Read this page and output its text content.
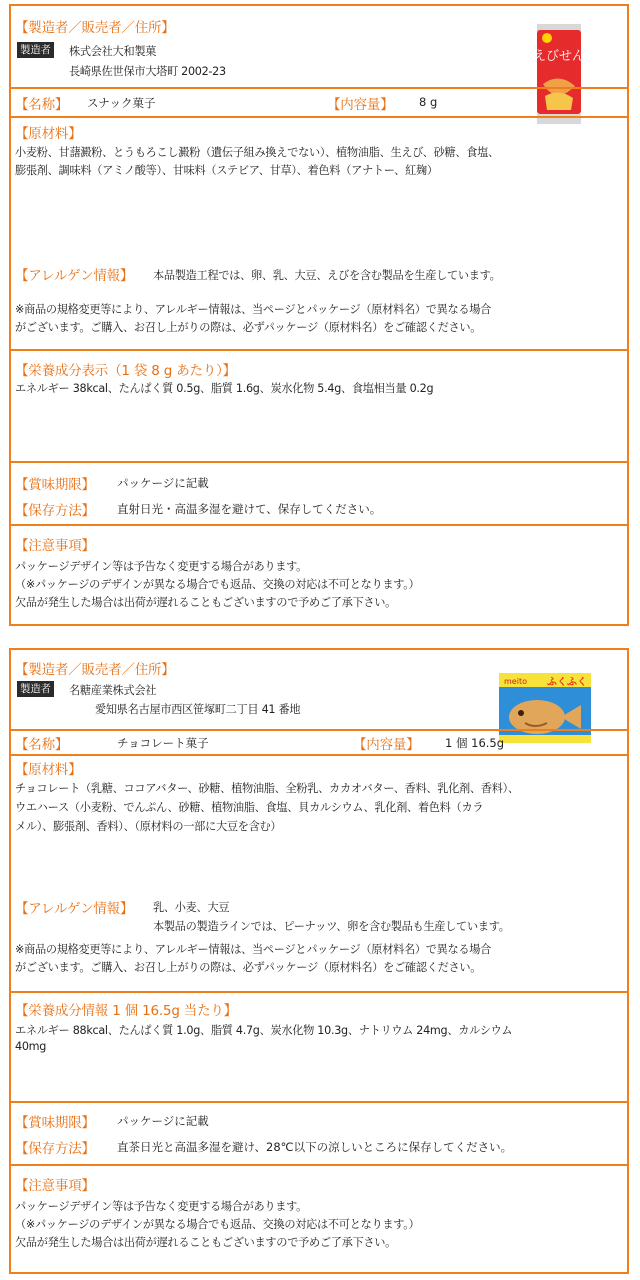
【製造者／販売者／住所】
製造者 株式会社大和製菓
長崎県佐世保市大塔町 2002-23
えびせん
【名称】 スナック菓子	【内容量】 8 g
【原材料】
小麦粉、甘藷澱粉、とうもろこし澱粉（遺伝子組み換えでない）、植物油脂、生えび、砂糖、食塩、
膨張剤、調味料（アミノ酸等）、甘味料（ステビア、甘草）、着色料（アナトー、紅麹）
【アレルゲン情報】 本品製造工程では、卵、乳、大豆、えびを含む製品を生産しています。
※商品の規格変更等により、アレルギー情報は、当ページとパッケージ（原材料名）で異なる場合
がございます。ご購入、お召し上がりの際は、必ずパッケージ（原材料名）をご確認ください。
【栄養成分表示（1 袋 8 g あたり）】
エネルギー 38kcal、たんぱく質 0.5g、脂質 1.6g、炭水化物 5.4g、食塩相当量 0.2g
【賞味期限】 パッケージに記載
【保存方法】 直射日光・高温多湿を避けて、保存してください。
【注意事項】
パッケージデザイン等は予告なく変更する場合があります。
（※パッケージのデザインが異なる場合でも返品、交換の対応は不可となります。）
欠品が発生した場合は出荷が遅れることもございますので予めご了承下さい。
【製造者／販売者／住所】
製造者 名糖産業株式会社
愛知県名古屋市西区笹塚町二丁目 41 番地
meito ふくふく
【名称】	チョコレート菓子	【内容量】 1 個 16.5g
【原材料】
チョコレート（乳糖、ココアバター、砂糖、植物油脂、全粉乳、カカオバター、香料、乳化剤、香料）、
ウエハース（小麦粉、でんぷん、砂糖、植物油脂、食塩、貝カルシウム、乳化剤、着色料（カラ
メル）、膨張剤、香料）、（原材料の一部に大豆を含む）
【アレルゲン情報】 乳、小麦、大豆
本製品の製造ラインでは、ピーナッツ、卵を含む製品も生産しています。
※商品の規格変更等により、アレルギー情報は、当ページとパッケージ（原材料名）で異なる場合
がございます。ご購入、お召し上がりの際は、必ずパッケージ（原材料名）をご確認ください。
【栄養成分情報 1 個 16.5g 当たり】
エネルギー 88kcal、たんぱく質 1.0g、脂質 4.7g、炭水化物 10.3g、ナトリウム 24mg、カルシウム
40mg
【賞味期限】 パッケージに記載
【保存方法】 直茶日光と高温多湿を避け、28℃以下の涼しいところに保存してください。
【注意事項】
パッケージデザイン等は予告なく変更する場合があります。
（※パッケージのデザインが異なる場合でも返品、交換の対応は不可となります。）
欠品が発生した場合は出荷が遅れることもございますので予めご了承下さい。
